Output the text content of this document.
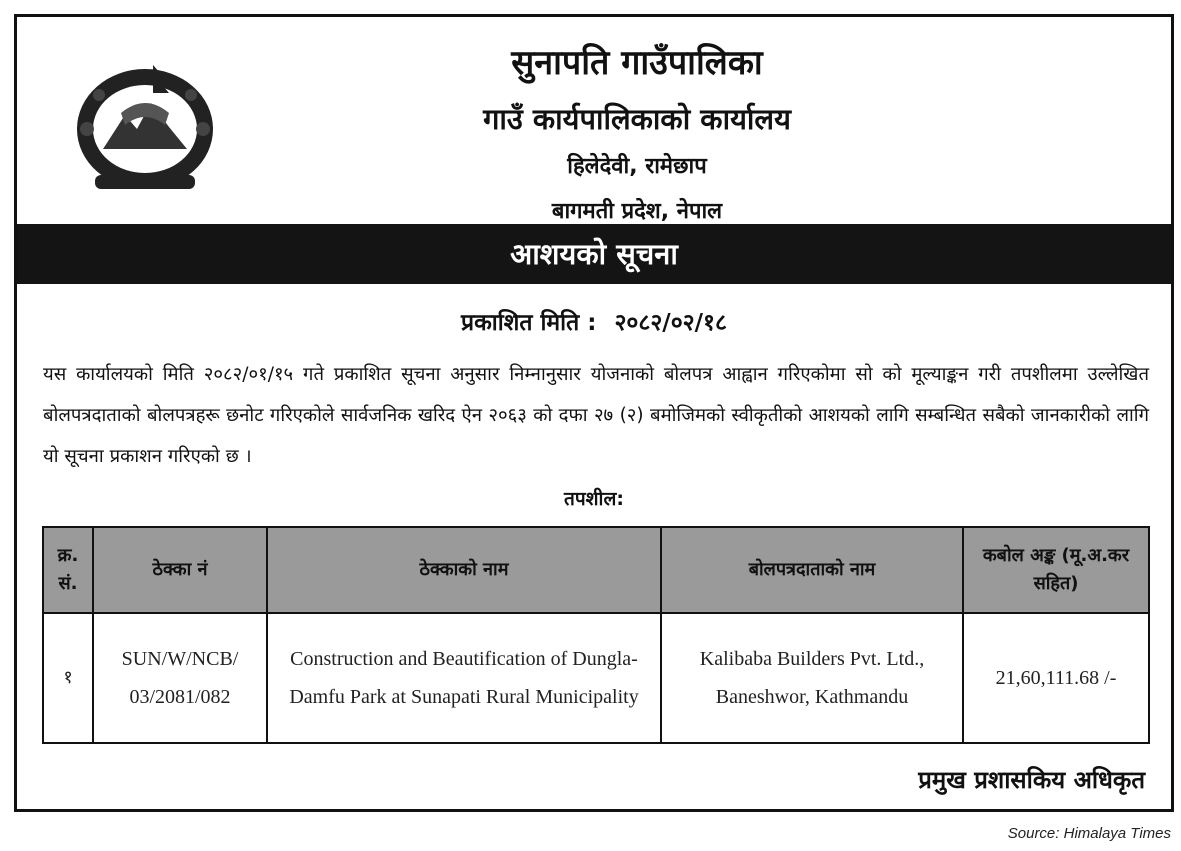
सुनापति गाउँपालिका
गाउँ कार्यपालिकाको कार्यालय
हिलेदेवी, रामेछाप
बागमती प्रदेश, नेपाल
आशयको सूचना
प्रकाशित मिति : २०८२/०२/१८

यस कार्यालयको मिति २०८२/०१/१५ गते प्रकाशित सूचना अनुसार निम्नानुसार योजनाको बोलपत्र आह्वान गरिएकोमा सो को मूल्याङ्कन गरी तपशीलमा उल्लेखित बोलपत्रदाताको बोलपत्रहरू छनोट गरिएकोले सार्वजनिक खरिद ऐन २०६३ को दफा २७ (२) बमोजिमको स्वीकृतीको आशयको लागि सम्बन्धित सबैको जानकारीको लागि यो सूचना प्रकाशन गरिएको छ ।

तपशील:
क्र. सं.	ठेक्का नं	ठेक्काको नाम	बोलपत्रदाताको नाम	कबोल अङ्क (मू.अ.कर सहित)
१	SUN/W/NCB/ 03/2081/082	Construction and Beautification of Dungla-Damfu Park at Sunapati Rural Municipality	Kalibaba Builders Pvt. Ltd., Baneshwor, Kathmandu	21,60,111.68 /-
प्रमुख प्रशासकिय अधिकृत
Source: Himalaya Times
